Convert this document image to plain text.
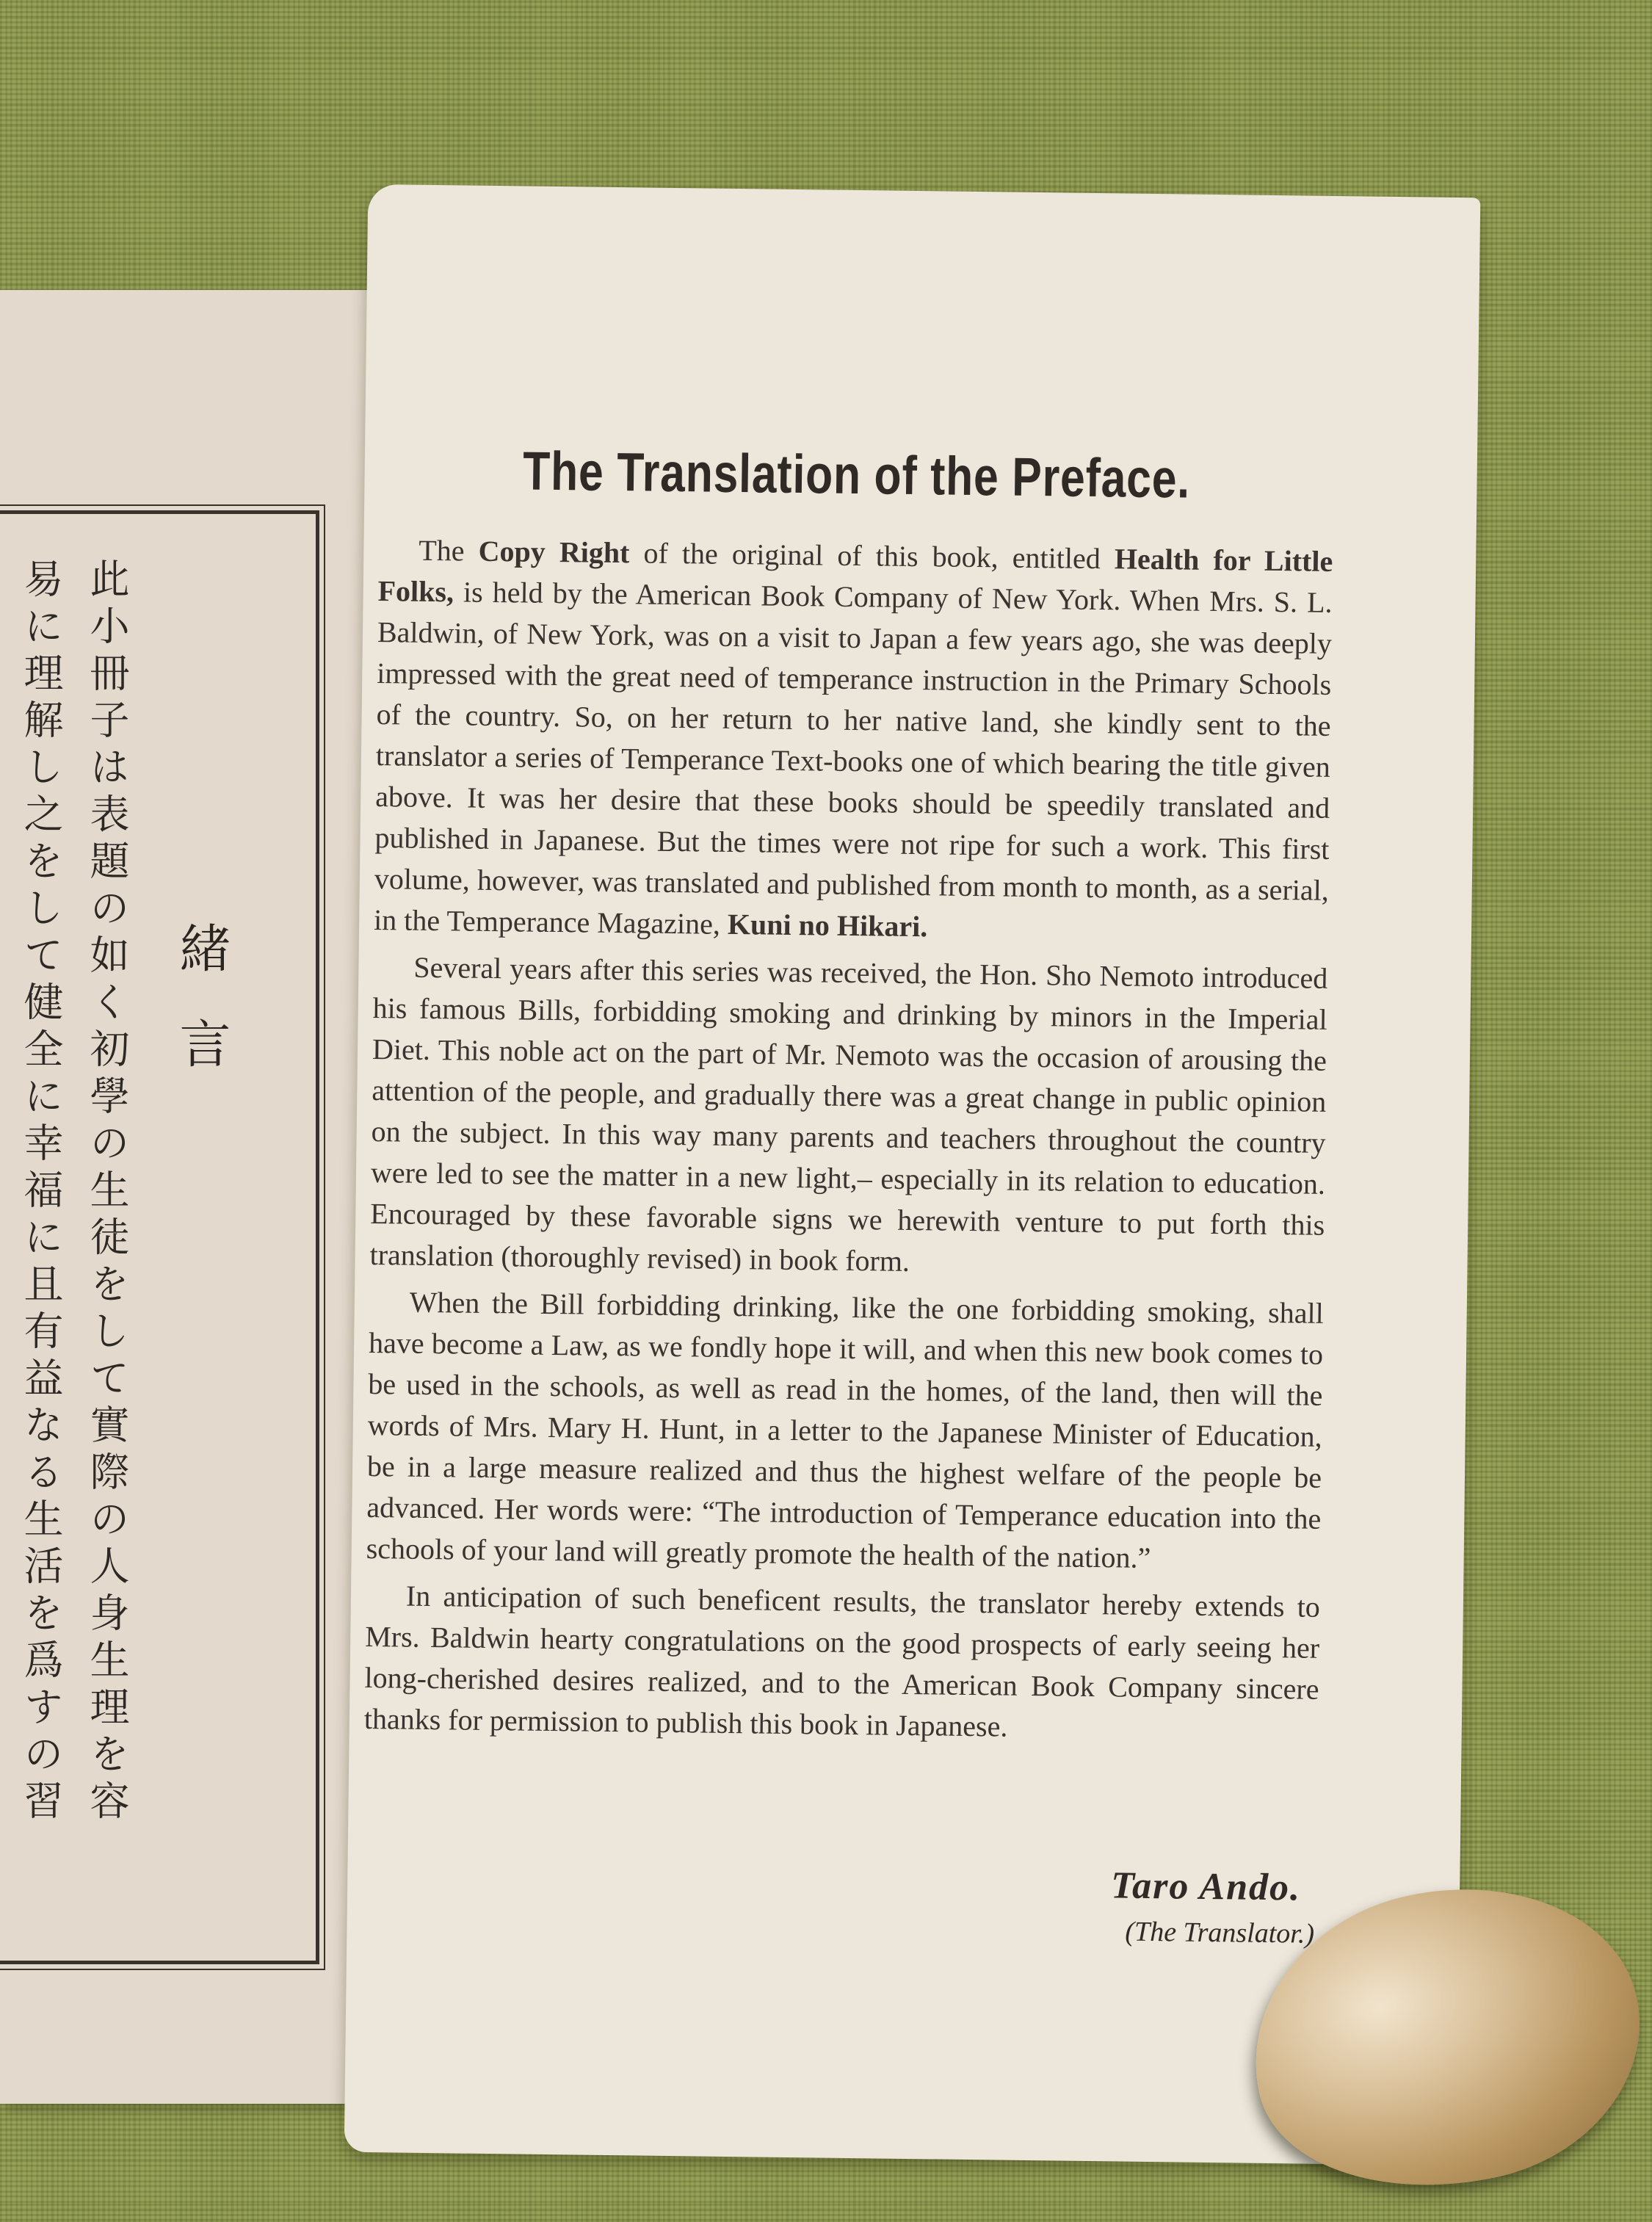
此小冊子は表題の如く初學の生徒をして實際の人身生理を容
易に理解し之をして健全に幸福に且有益なる生活を爲すの習 緒言
The Translation of the Preface.

The Copy Right of the original of this book, entitled Health for Little Folks, is held by the American Book Company of New York. When Mrs. S. L. Baldwin, of New York, was on a visit to Japan a few years ago, she was deeply impressed with the great need of temperance instruction in the Primary Schools of the country. So, on her return to her native land, she kindly sent to the translator a series of Temperance Text-books one of which bearing the title given above. It was her desire that these books should be speedily translated and published in Japanese. But the times were not ripe for such a work. This first volume, however, was translated and published from month to month, as a serial, in the Temperance Magazine, Kuni no Hikari.

Several years after this series was received, the Hon. Sho Nemoto introduced his famous Bills, forbidding smoking and drinking by minors in the Imperial Diet. This noble act on the part of Mr. Nemoto was the occasion of arousing the attention of the people, and gradually there was a great change in public opinion on the subject. In this way many parents and teachers throughout the country were led to see the matter in a new light,– especially in its relation to education. Encouraged by these favorable signs we herewith venture to put forth this translation (thoroughly revised) in book form.

When the Bill forbidding drinking, like the one forbidding smoking, shall have become a Law, as we fondly hope it will, and when this new book comes to be used in the schools, as well as read in the homes, of the land, then will the words of Mrs. Mary H. Hunt, in a letter to the Japanese Minister of Education, be in a large measure realized and thus the highest welfare of the people be advanced. Her words were: “The introduction of Temperance education into the schools of your land will greatly promote the health of the nation.”

In anticipation of such beneficent results, the translator hereby extends to Mrs. Baldwin hearty congratulations on the good prospects of early seeing her long-cherished desires realized, and to the American Book Company sincere thanks for permission to publish this book in Japanese.

Taro Ando.
(The Translator.)
